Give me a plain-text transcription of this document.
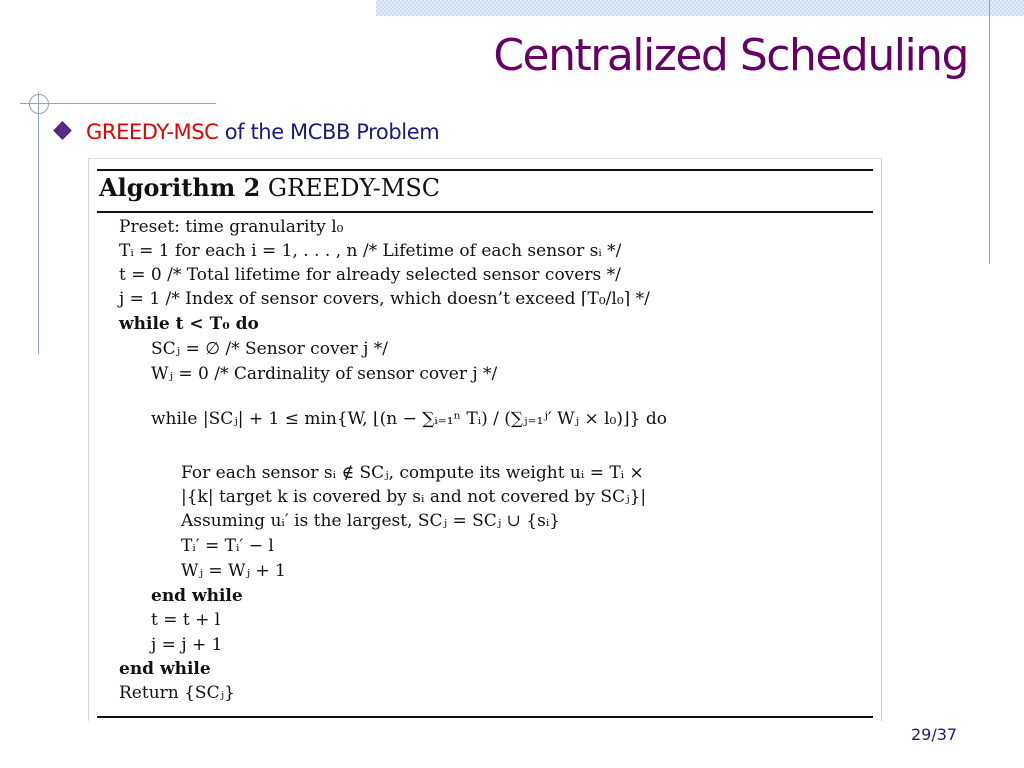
Centralized Scheduling
GREEDY-MSC of the MCBB Problem
Algorithm 2 GREEDY-MSC
Preset: time granularity l₀
Tᵢ = 1 for each i = 1, . . . , n /* Lifetime of each sensor sᵢ */
t = 0 /* Total lifetime for already selected sensor covers */
j = 1 /* Index of sensor covers, which doesn’t exceed ⌈T₀/l₀⌉ */
while t < T₀ do
SCⱼ = ∅ /* Sensor cover j */
Wⱼ = 0 /* Cardinality of sensor cover j */
while |SCⱼ| + 1 ≤ min{W, ⌊(n − ∑ᵢ₌₁ⁿ Tᵢ) / (∑ⱼ₌₁ʲ′ Wⱼ × l₀)⌋} do
For each sensor sᵢ ∉ SCⱼ, compute its weight uᵢ = Tᵢ ×
|{k| target k is covered by sᵢ and not covered by SCⱼ}|
Assuming uᵢ′ is the largest, SCⱼ = SCⱼ ∪ {sᵢ}
Tᵢ′ = Tᵢ′ − l
Wⱼ = Wⱼ + 1
end while
t = t + l
j = j + 1
end while
Return {SCⱼ}
29/37
